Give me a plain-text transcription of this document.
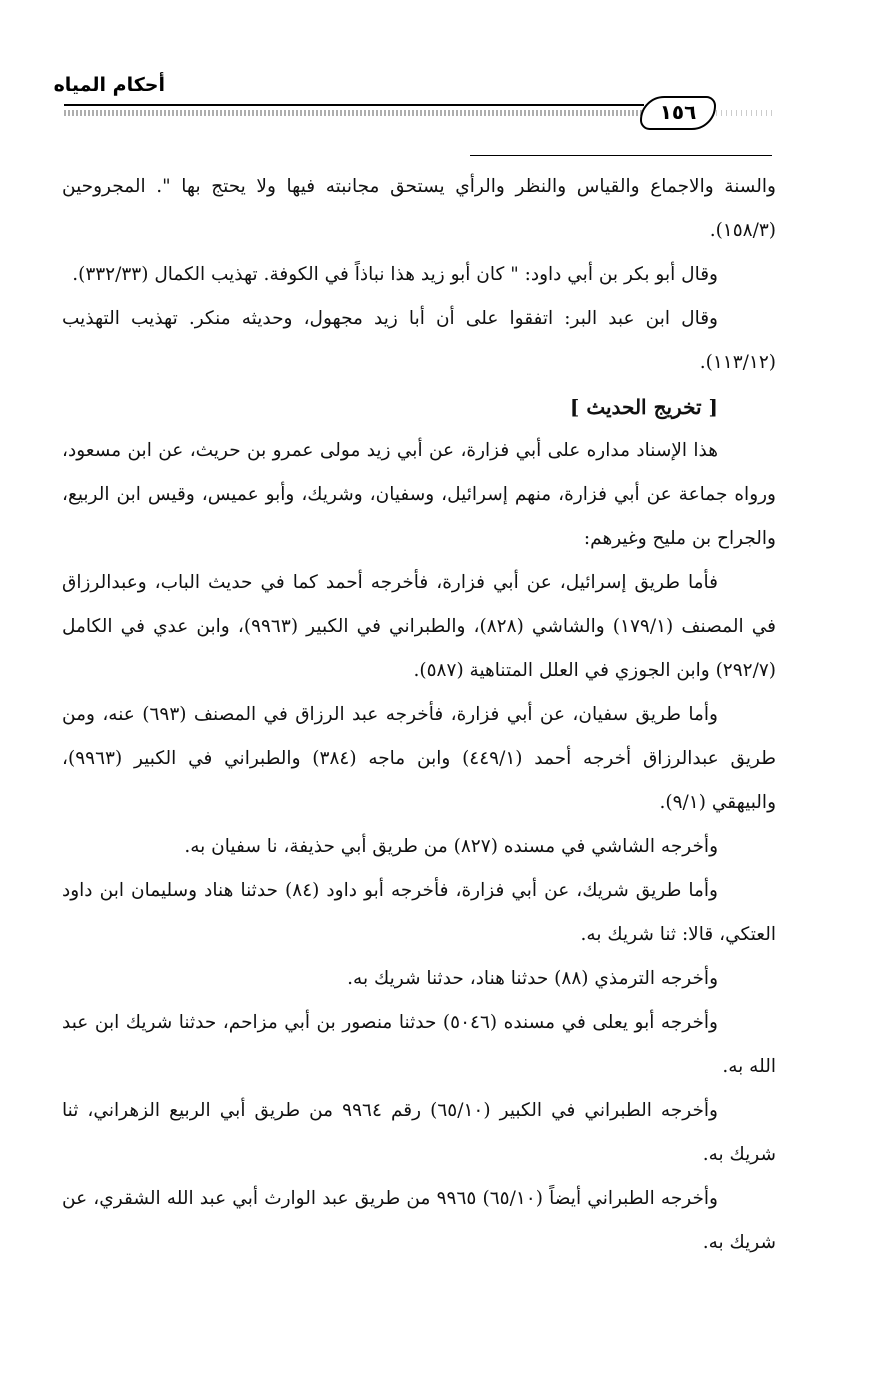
أحكام المياه
١٥٦

والسنة والاجماع والقياس والنظر والرأي يستحق مجانبته فيها ولا يحتج بها ". المجروحين (١٥٨/٣).

وقال أبو بكر بن أبي داود: " كان أبو زيد هذا نباذاً في الكوفة. تهذيب الكمال (٣٣٢/٣٣).

وقال ابن عبد البر: اتفقوا على أن أبا زيد مجهول، وحديثه منكر. تهذيب التهذيب (١١٣/١٢).

[ تخريج الحديث ]

هذا الإسناد مداره على أبي فزارة، عن أبي زيد مولى عمرو بن حريث، عن ابن مسعود، ورواه جماعة عن أبي فزارة، منهم إسرائيل، وسفيان، وشريك، وأبو عميس، وقيس ابن الربيع، والجراح بن مليح وغيرهم:

فأما طريق إسرائيل، عن أبي فزارة، فأخرجه أحمد كما في حديث الباب، وعبدالرزاق في المصنف (١٧٩/١) والشاشي (٨٢٨)، والطبراني في الكبير (٩٩٦٣)، وابن عدي في الكامل (٢٩٢/٧) وابن الجوزي في العلل المتناهية (٥٨٧).

وأما طريق سفيان، عن أبي فزارة، فأخرجه عبد الرزاق في المصنف (٦٩٣) عنه، ومن طريق عبدالرزاق أخرجه أحمد (٤٤٩/١) وابن ماجه (٣٨٤) والطبراني في الكبير (٩٩٦٣)، والبيهقي (٩/١).

وأخرجه الشاشي في مسنده (٨٢٧) من طريق أبي حذيفة، نا سفيان به.

وأما طريق شريك، عن أبي فزارة، فأخرجه أبو داود (٨٤) حدثنا هناد وسليمان ابن داود العتكي، قالا: ثنا شريك به.

وأخرجه الترمذي (٨٨) حدثنا هناد، حدثنا شريك به.

وأخرجه أبو يعلى في مسنده (٥٠٤٦) حدثنا منصور بن أبي مزاحم، حدثنا شريك ابن عبد الله به.

وأخرجه الطبراني في الكبير (٦٥/١٠) رقم ٩٩٦٤ من طريق أبي الربيع الزهراني، ثنا شريك به.

وأخرجه الطبراني أيضاً (٦٥/١٠) ٩٩٦٥ من طريق عبد الوارث أبي عبد الله الشقري، عن شريك به.
